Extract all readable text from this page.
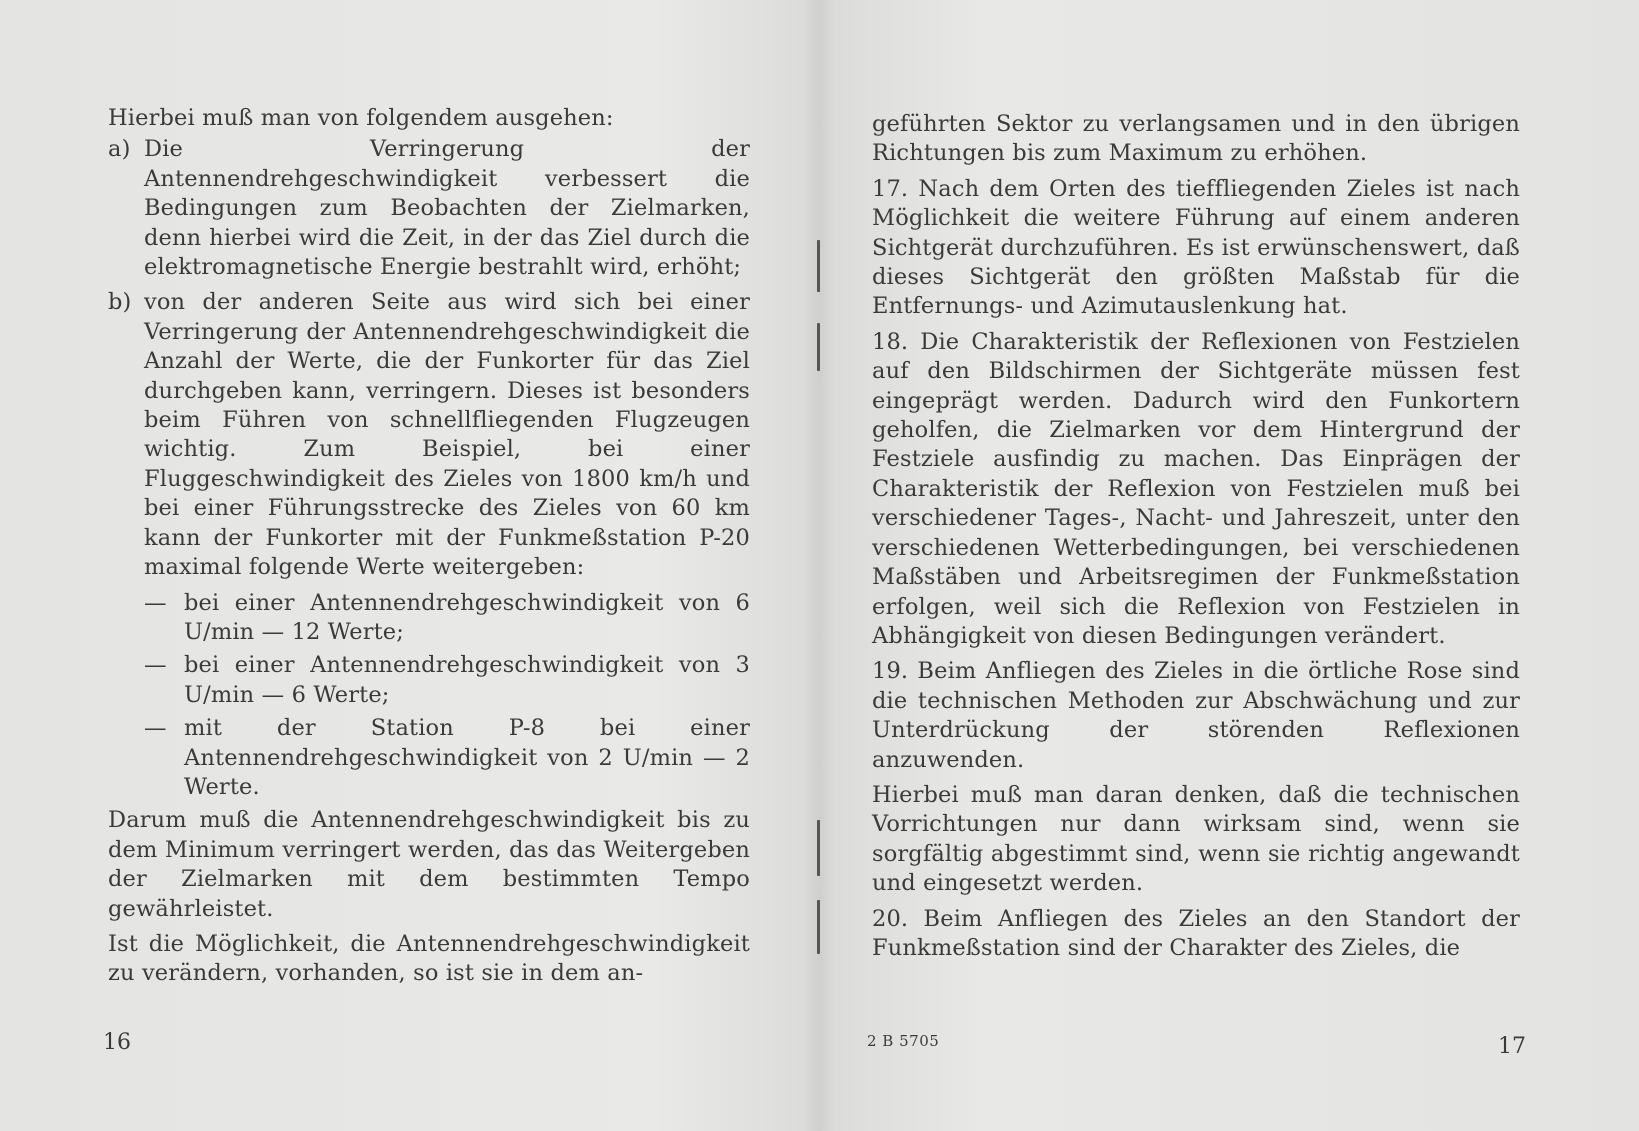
Hierbei muß man von folgendem ausgehen:

a) Die Verringerung der Antennendrehgeschwindigkeit verbessert die Bedingungen zum Beobachten der Zielmarken, denn hierbei wird die Zeit, in der das Ziel durch die elektromagnetische Energie bestrahlt wird, erhöht;
b) von der anderen Seite aus wird sich bei einer Verringerung der Antennendrehgeschwindigkeit die Anzahl der Werte, die der Funkorter für das Ziel durchgeben kann, verringern. Dieses ist besonders beim Führen von schnellfliegenden Flugzeugen wichtig. Zum Beispiel, bei einer Fluggeschwindigkeit des Zieles von 1800 km/h und bei einer Führungsstrecke des Zieles von 60 km kann der Funkorter mit der Funkmeßstation P-20 maximal folgende Werte weitergeben:
— bei einer Antennendrehgeschwindigkeit von 6 U/min — 12 Werte;
— bei einer Antennendrehgeschwindigkeit von 3 U/min — 6 Werte;
— mit der Station P-8 bei einer Antennendrehgeschwindigkeit von 2 U/min — 2 Werte.

Darum muß die Antennendrehgeschwindigkeit bis zu dem Minimum verringert werden, das das Weitergeben der Zielmarken mit dem bestimmten Tempo gewährleistet.

Ist die Möglichkeit, die Antennendrehgeschwindigkeit zu verändern, vorhanden, so ist sie in dem an-

16

geführten Sektor zu verlangsamen und in den übrigen Richtungen bis zum Maximum zu erhöhen.

17. Nach dem Orten des tieffliegenden Zieles ist nach Möglichkeit die weitere Führung auf einem anderen Sichtgerät durchzuführen. Es ist erwünschenswert, daß dieses Sichtgerät den größten Maßstab für die Entfernungs- und Azimutauslenkung hat.

18. Die Charakteristik der Reflexionen von Festzielen auf den Bildschirmen der Sichtgeräte müssen fest eingeprägt werden. Dadurch wird den Funkortern geholfen, die Zielmarken vor dem Hintergrund der Festziele ausfindig zu machen. Das Einprägen der Charakteristik der Reflexion von Festzielen muß bei verschiedener Tages-, Nacht- und Jahreszeit, unter den verschiedenen Wetterbedingungen, bei verschiedenen Maßstäben und Arbeitsregimen der Funkmeßstation erfolgen, weil sich die Reflexion von Festzielen in Abhängigkeit von diesen Bedingungen verändert.

19. Beim Anfliegen des Zieles in die örtliche Rose sind die technischen Methoden zur Abschwächung und zur Unterdrückung der störenden Reflexionen anzuwenden.

Hierbei muß man daran denken, daß die technischen Vorrichtungen nur dann wirksam sind, wenn sie sorgfältig abgestimmt sind, wenn sie richtig angewandt und eingesetzt werden.

20. Beim Anfliegen des Zieles an den Standort der Funkmeßstation sind der Charakter des Zieles, die

2 B 5705	17
